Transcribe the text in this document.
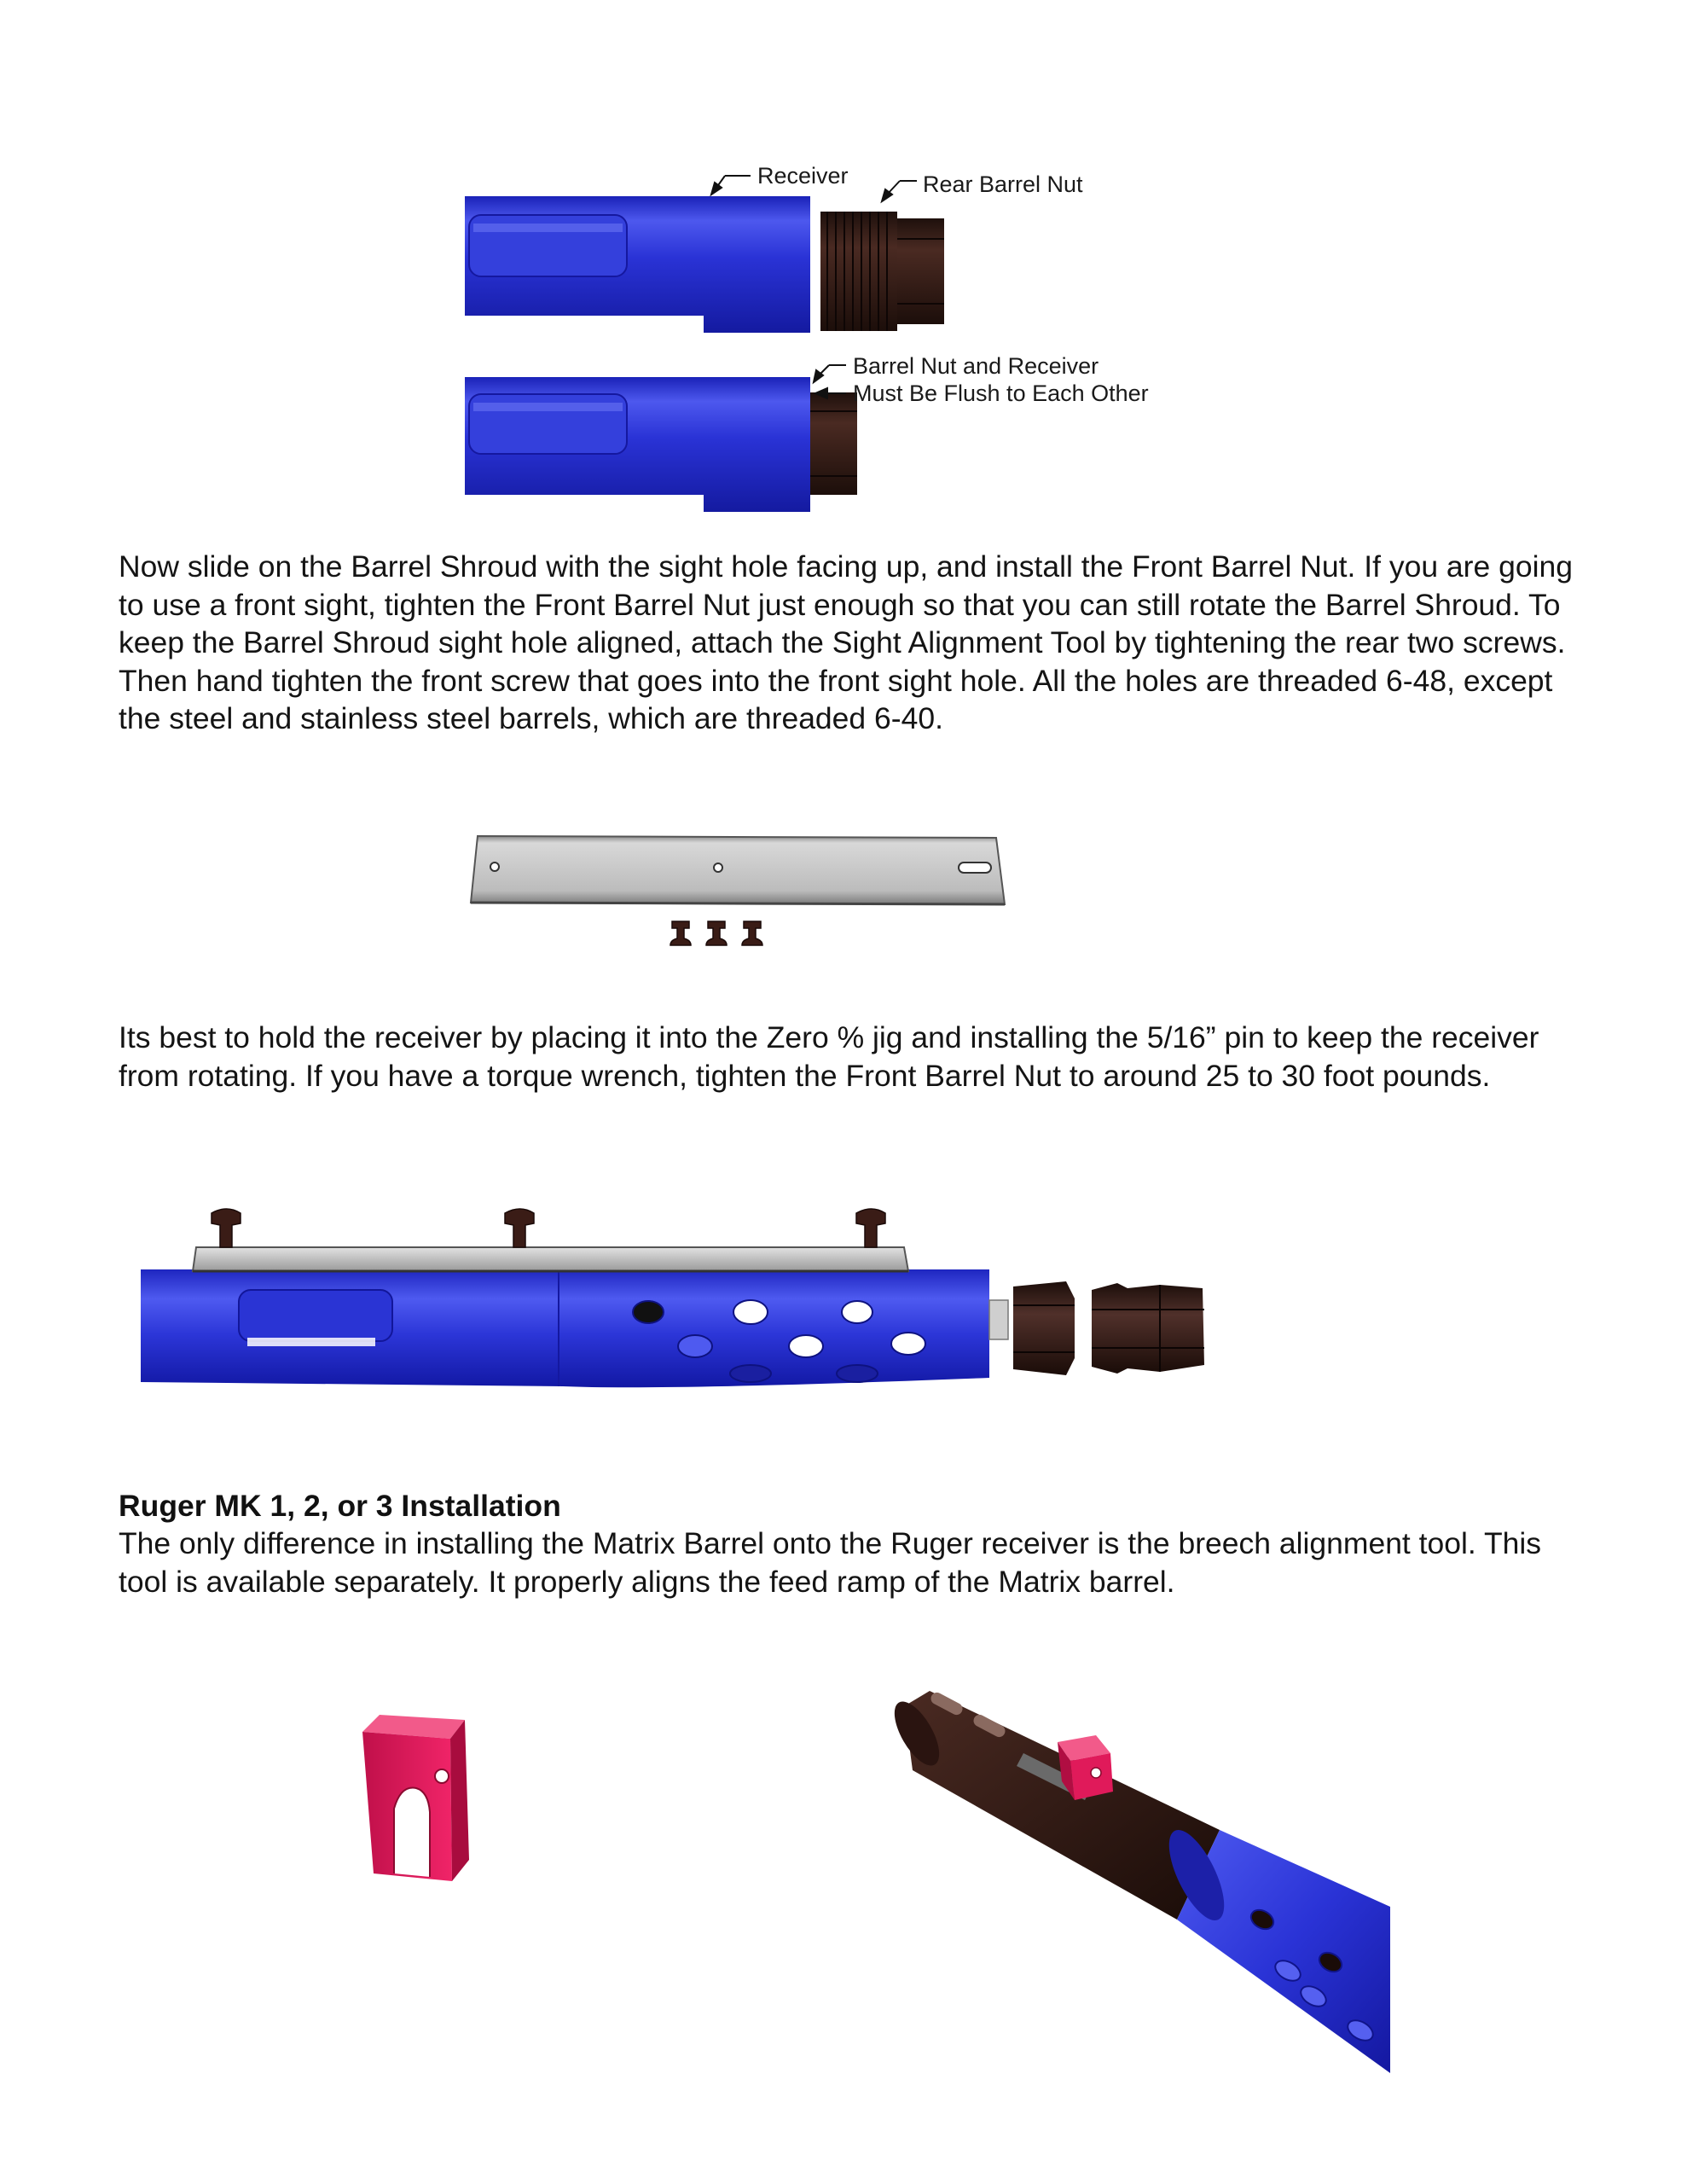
Receiver	Rear Barrel Nut
Barrel Nut and Receiver
Must Be Flush to Each Other

Now slide on the Barrel Shroud with the sight hole facing up, and install the Front Barrel Nut. If you are going to use a front sight, tighten the Front Barrel Nut just enough so that you can still rotate the Barrel Shroud. To keep the Barrel Shroud sight hole aligned, attach the Sight Alignment Tool by tightening the rear two screws. Then hand tighten the front screw that goes into the front sight hole. All the holes are threaded 6-48, except the steel and stainless steel barrels, which are threaded 6-40.

Its best to hold the receiver by placing it into the Zero % jig and installing the 5/16” pin to keep the receiver from rotating. If you have a torque wrench, tighten the Front Barrel Nut to around 25 to 30 foot pounds.

Ruger MK 1, 2, or 3 Installation

The only difference in installing the Matrix Barrel onto the Ruger receiver is the breech alignment tool. This tool is available separately. It properly aligns the feed ramp of the Matrix barrel.
